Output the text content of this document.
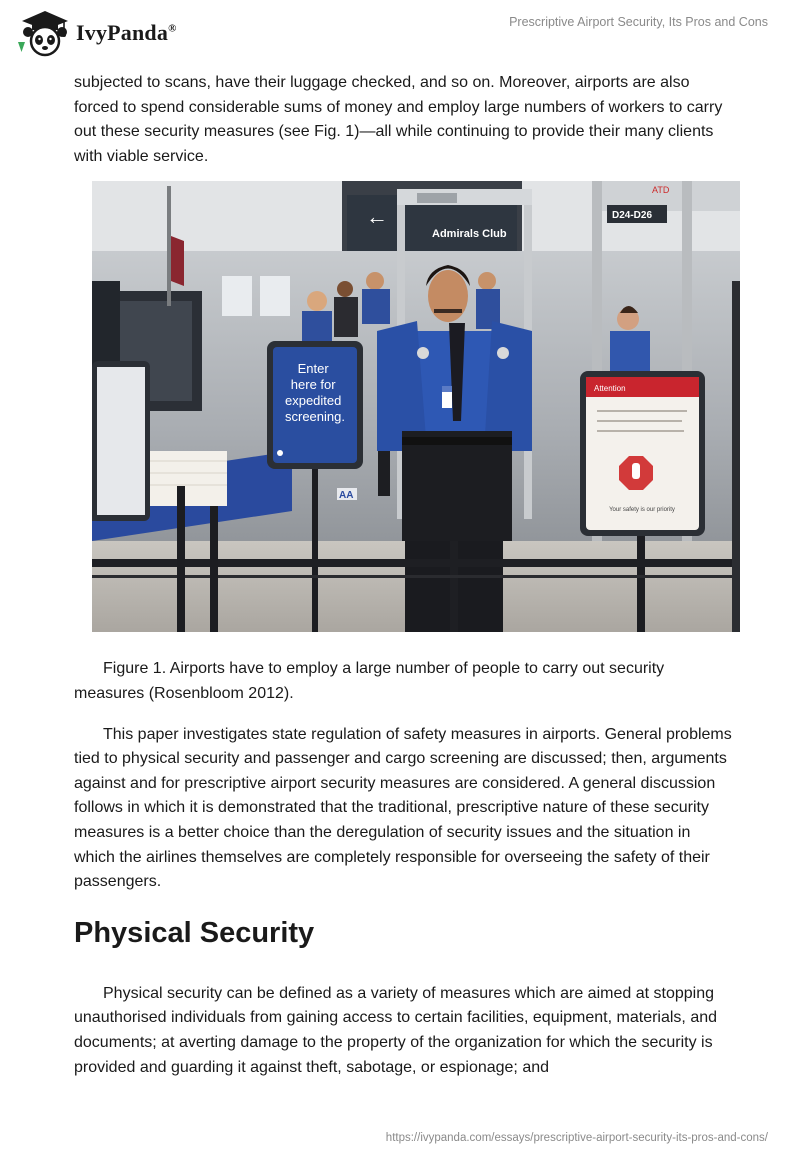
IvyPanda®	Prescriptive Airport Security, Its Pros and Cons

subjected to scans, have their luggage checked, and so on. Moreover, airports are also forced to spend considerable sums of money and employ large numbers of workers to carry out these security measures (see Fig. 1)—all while continuing to provide their many clients with viable service.

←
Admirals Club
ATD
D24-D26
Enter here for expedited screening.
Attention
Your safety is our priority
AA

Figure 1. Airports have to employ a large number of people to carry out security measures (Rosenbloom 2012).

This paper investigates state regulation of safety measures in airports. General problems tied to physical security and passenger and cargo screening are discussed; then, arguments against and for prescriptive airport security measures are considered. A general discussion follows in which it is demonstrated that the traditional, prescriptive nature of these security measures is a better choice than the deregulation of security issues and the situation in which the airlines themselves are completely responsible for overseeing the safety of their passengers.

Physical Security

Physical security can be defined as a variety of measures which are aimed at stopping unauthorised individuals from gaining access to certain facilities, equipment, materials, and documents; at averting damage to the property of the organization for which the security is provided and guarding it against theft, sabotage, or espionage; and

https://ivypanda.com/essays/prescriptive-airport-security-its-pros-and-cons/
